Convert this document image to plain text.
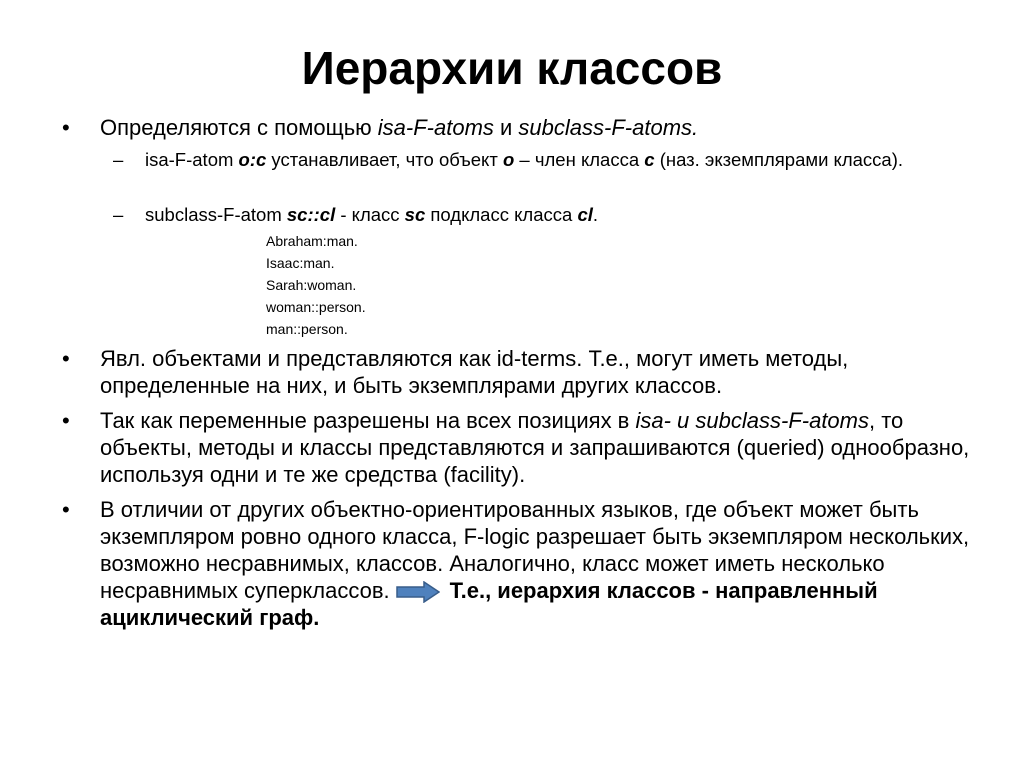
Иерархии классов
• Определяются с помощью isa-F-atoms и subclass-F-atoms.
– isa-F-atom o:c устанавливает, что объект o – член класса c (наз. экземплярами класса).
– subclass-F-atom sc::cl - класс sc подкласс класса cl.
Abraham:man.
Isaac:man.
Sarah:woman.
woman::person.
man::person.
• Явл. объектами и представляются как id-terms. Т.е., могут иметь методы, определенные на них, и быть экземплярами других классов.
• Так как переменные разрешены на всех позициях в isa- и subclass-F-atoms, то объекты, методы и классы представляются и запрашиваются (queried) однообразно, используя одни и те же средства (facility).
• В отличии от других объектно-ориентированных языков, где объект может быть экземпляром ровно одного класса, F-logic разрешает быть экземпляром нескольких, возможно несравнимых, классов. Аналогично, класс может иметь несколько несравнимых суперклассов.	Т.е., иерархия классов - направленный ациклический граф.
